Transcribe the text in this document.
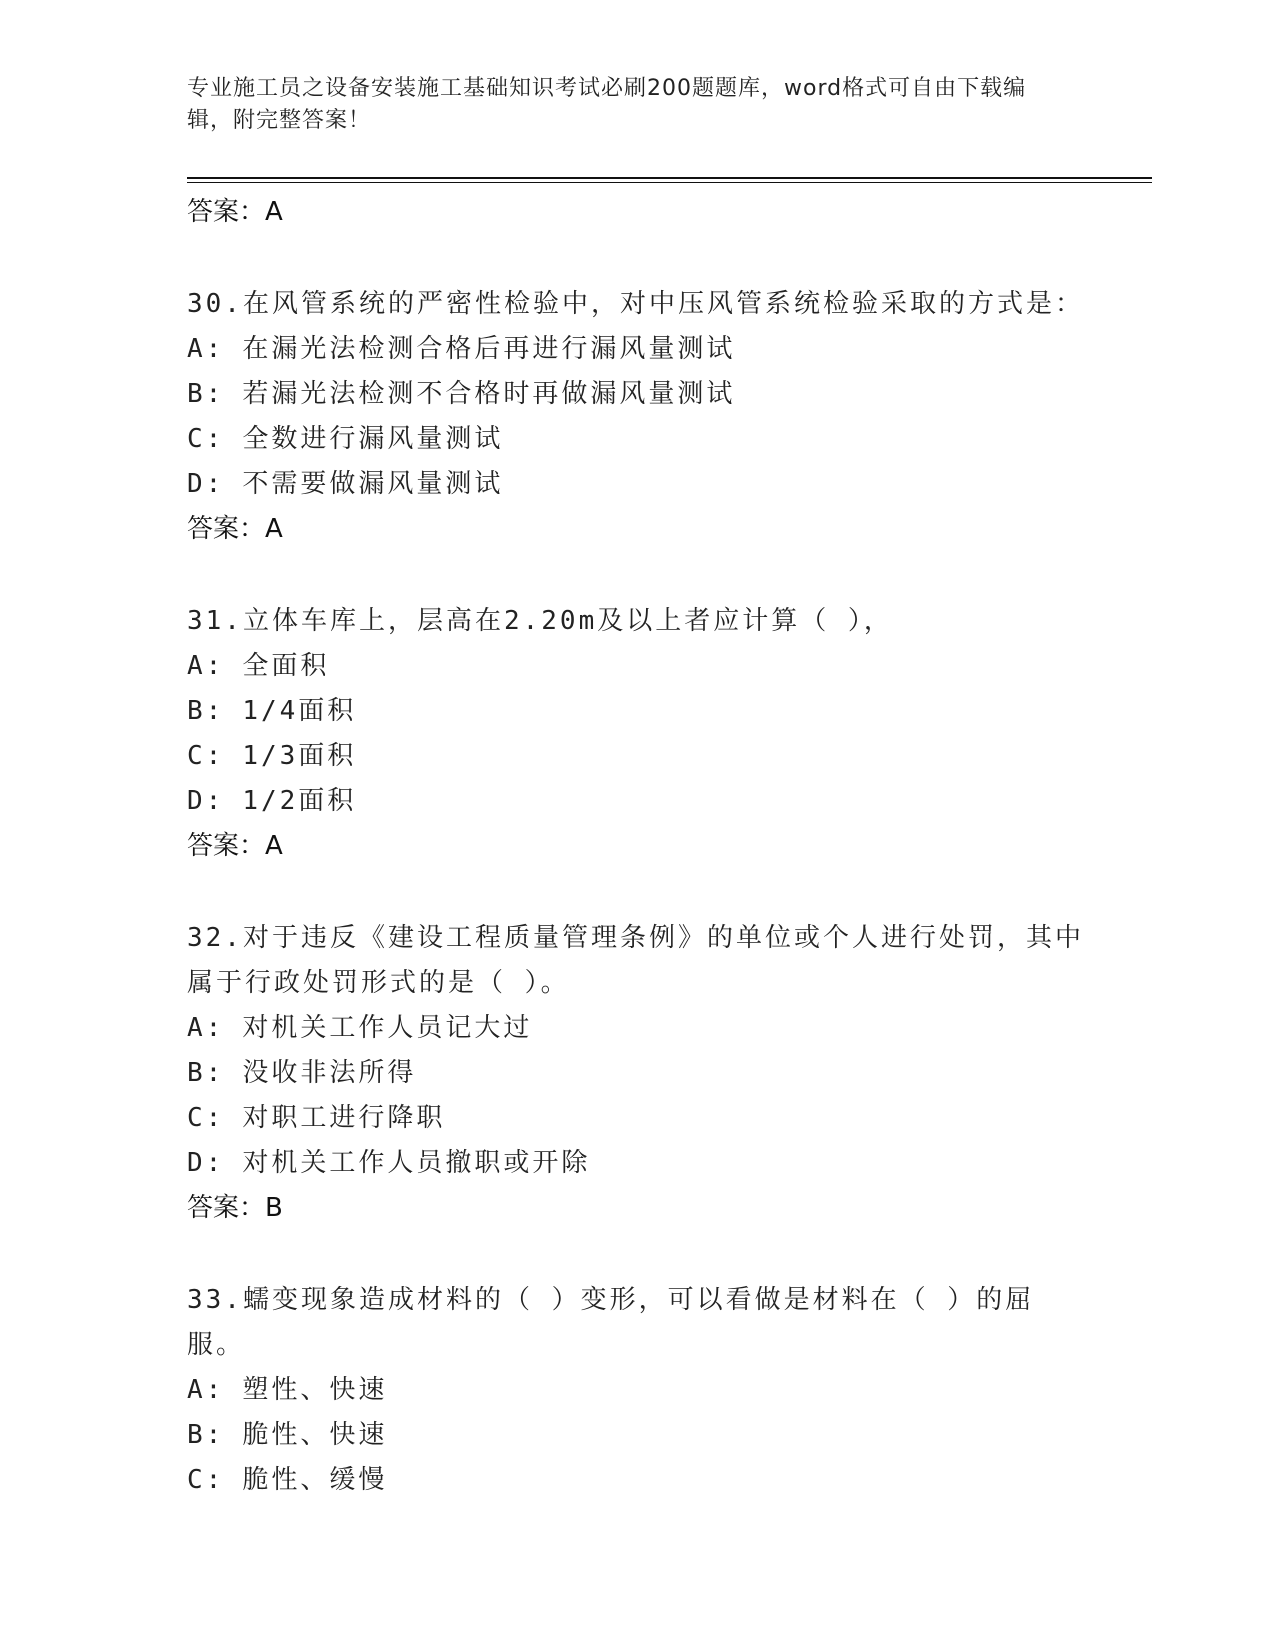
专业施工员之设备安装施工基础知识考试必刷200题题库，word格式可自由下载编辑，附完整答案！
答案：A
30.在风管系统的严密性检验中，对中压风管系统检验采取的方式是：
A: 在漏光法检测合格后再进行漏风量测试
B: 若漏光法检测不合格时再做漏风量测试
C: 全数进行漏风量测试
D: 不需要做漏风量测试
答案：A
31.立体车库上，层高在2.20m及以上者应计算（ ），
A: 全面积
B: 1/4面积
C: 1/3面积
D: 1/2面积
答案：A
32.对于违反《建设工程质量管理条例》的单位或个人进行处罚，其中属于行政处罚形式的是（ ）。
A: 对机关工作人员记大过
B: 没收非法所得
C: 对职工进行降职
D: 对机关工作人员撤职或开除
答案：B
33.蠕变现象造成材料的（ ）变形，可以看做是材料在（ ）的屈服。
A: 塑性、快速
B: 脆性、快速
C: 脆性、缓慢
